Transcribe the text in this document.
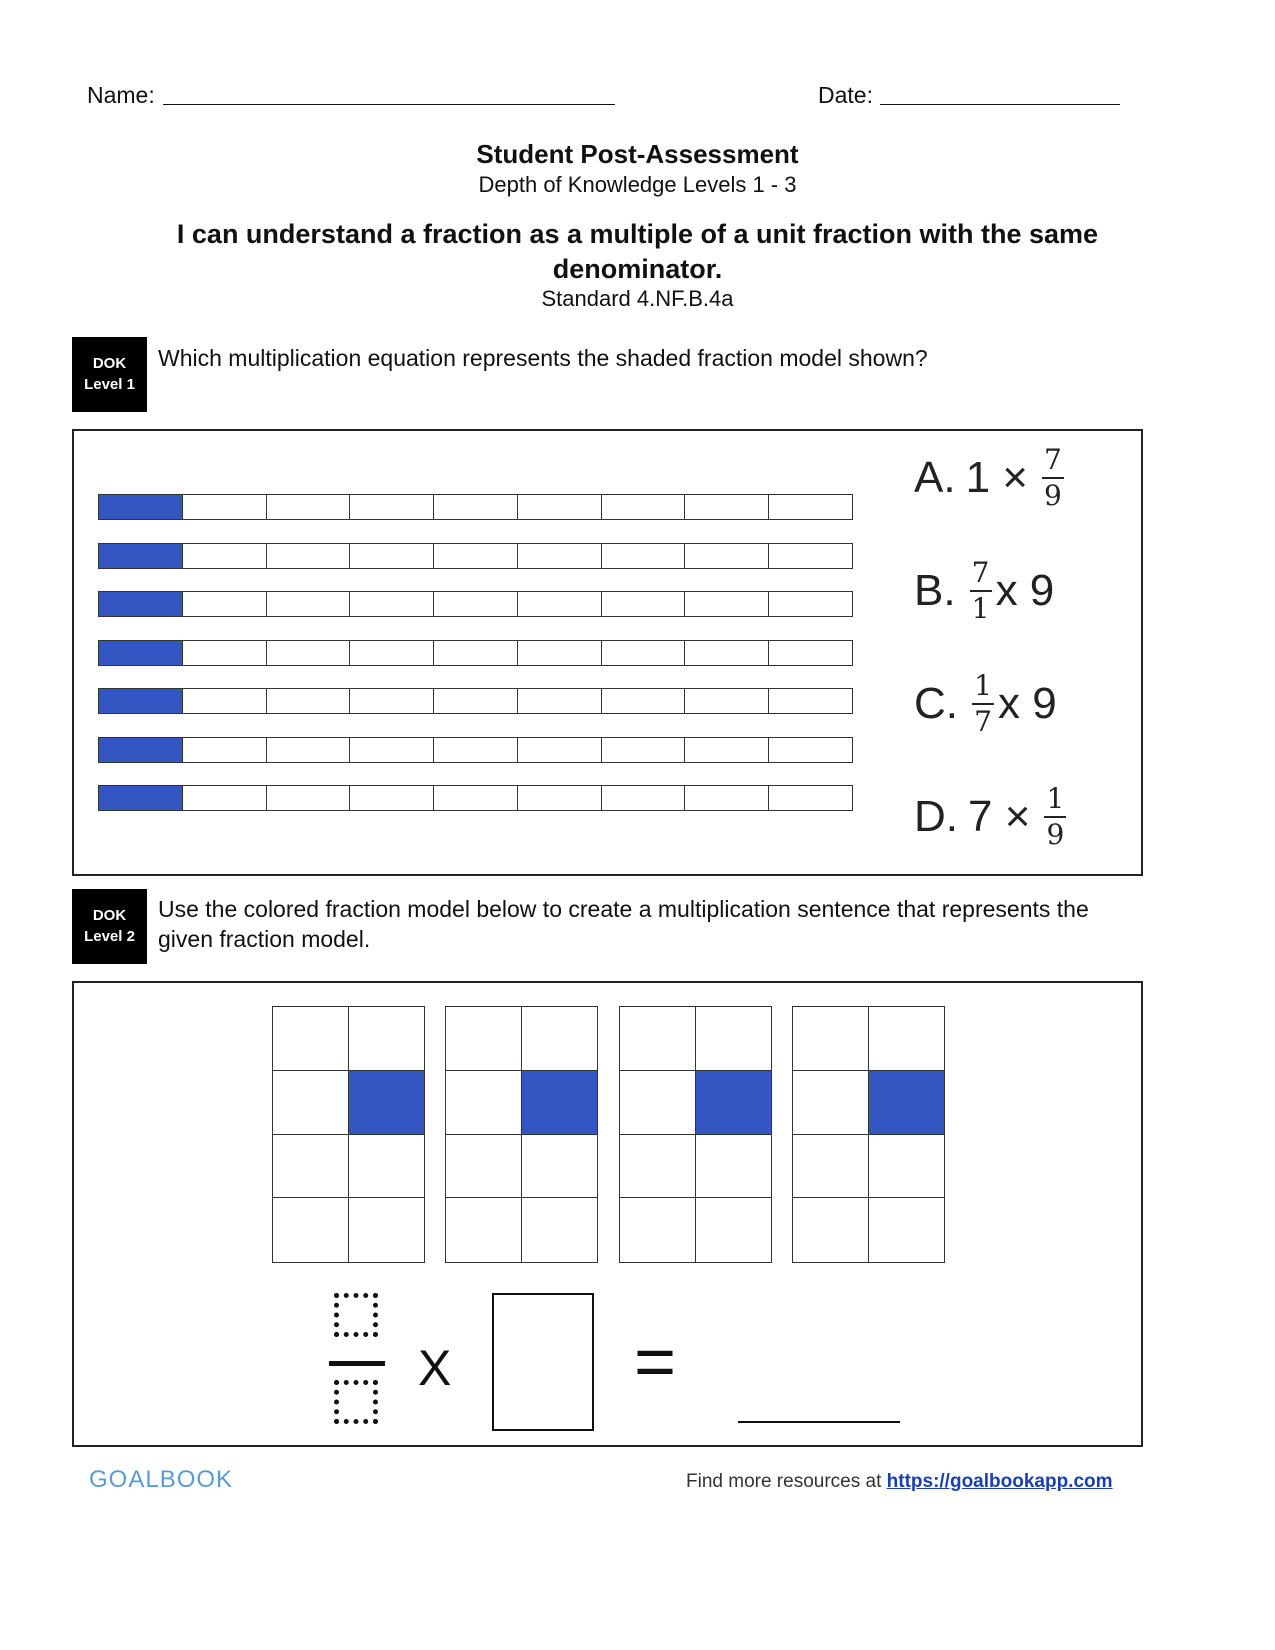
Name:	Date:
Student Post-Assessment
Depth of Knowledge Levels 1 - 3
I can understand a fraction as a multiple of a unit fraction with the same denominator.
Standard 4.NF.B.4a
DOK
Level 1
Which multiplication equation represents the shaded fraction model shown?
A. $1 \times \frac{7}{9}$
B. $\frac{7}{1}$ x 9
C. $\frac{1}{7}$ x 9
D. $7 \times \frac{1}{9}$
DOK
Level 2
Use the colored fraction model below to create a multiplication sentence that represents the given fraction model.
X	=
GOALBOOK	Find more resources at https://goalbookapp.com
